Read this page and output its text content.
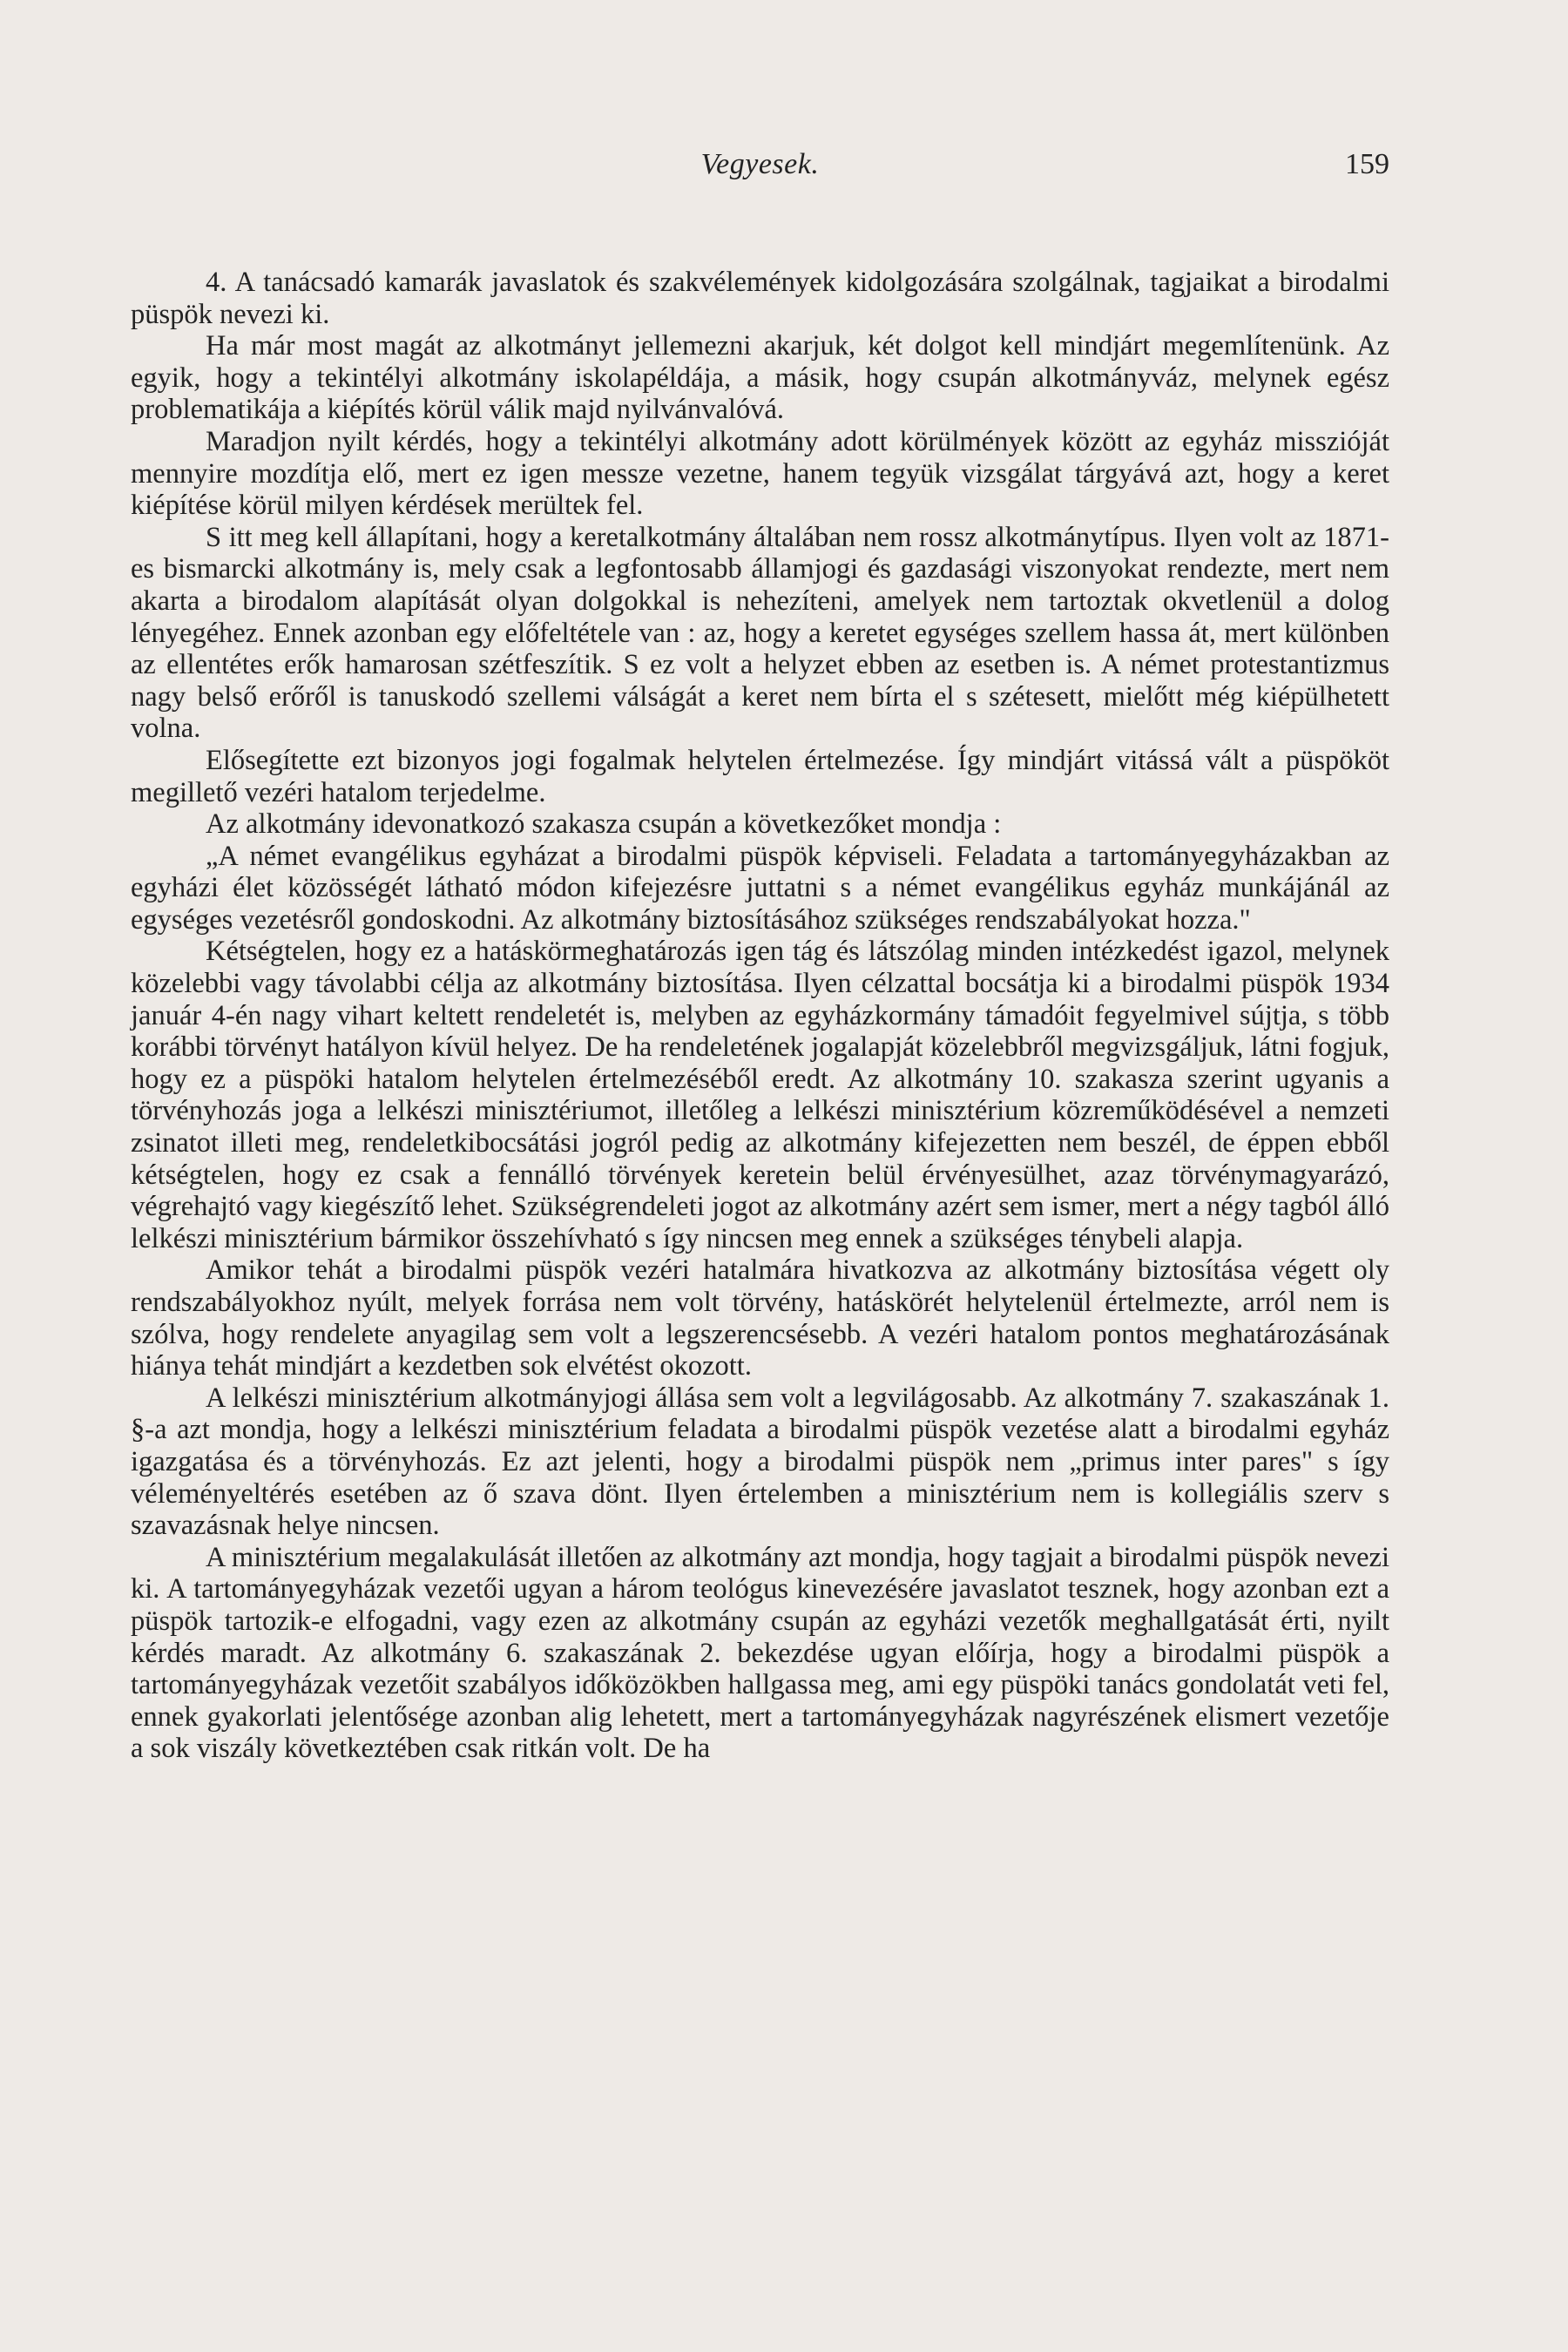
Vegyesek.	159

4. A tanácsadó kamarák javaslatok és szakvélemények kidolgozására szolgálnak, tagjaikat a birodalmi püspök nevezi ki.

Ha már most magát az alkotmányt jellemezni akarjuk, két dolgot kell mindjárt megemlítenünk. Az egyik, hogy a tekintélyi alkotmány iskolapéldája, a másik, hogy csupán alkotmányváz, melynek egész problematikája a kiépítés körül válik majd nyilvánvalóvá.

Maradjon nyilt kérdés, hogy a tekintélyi alkotmány adott körülmények között az egyház misszióját mennyire mozdítja elő, mert ez igen messze vezetne, hanem tegyük vizsgálat tárgyává azt, hogy a keret kiépítése körül milyen kérdések merültek fel.

S itt meg kell állapítani, hogy a keretalkotmány általában nem rossz alkotmánytípus. Ilyen volt az 1871-es bismarcki alkotmány is, mely csak a legfontosabb államjogi és gazdasági viszonyokat rendezte, mert nem akarta a birodalom alapítását olyan dolgokkal is nehezíteni, amelyek nem tartoztak okvetlenül a dolog lényegéhez. Ennek azonban egy előfeltétele van : az, hogy a keretet egységes szellem hassa át, mert különben az ellentétes erők hamarosan szétfeszítik. S ez volt a helyzet ebben az esetben is. A német protestantizmus nagy belső erőről is tanuskodó szellemi válságát a keret nem bírta el s szétesett, mielőtt még kiépülhetett volna.

Elősegítette ezt bizonyos jogi fogalmak helytelen értelmezése. Így mindjárt vitássá vált a püspököt megillető vezéri hatalom terjedelme.

Az alkotmány idevonatkozó szakasza csupán a következőket mondja :

„A német evangélikus egyházat a birodalmi püspök képviseli. Feladata a tartományegyházakban az egyházi élet közösségét látható módon kifejezésre juttatni s a német evangélikus egyház munkájánál az egységes vezetésről gondoskodni. Az alkotmány biztosításához szükséges rendszabályokat hozza."

Kétségtelen, hogy ez a hatáskörmeghatározás igen tág és látszólag minden intézkedést igazol, melynek közelebbi vagy távolabbi célja az alkotmány biztosítása. Ilyen célzattal bocsátja ki a birodalmi püspök 1934 január 4-én nagy vihart keltett rendeletét is, melyben az egyházkormány támadóit fegyelmivel sújtja, s több korábbi törvényt hatályon kívül helyez. De ha rendeletének jogalapját közelebbről megvizsgáljuk, látni fogjuk, hogy ez a püspöki hatalom helytelen értelmezéséből eredt. Az alkotmány 10. szakasza szerint ugyanis a törvényhozás joga a lelkészi minisztériumot, illetőleg a lelkészi minisztérium közreműködésével a nemzeti zsinatot illeti meg, rendeletkibocsátási jogról pedig az alkotmány kifejezetten nem beszél, de éppen ebből kétségtelen, hogy ez csak a fennálló törvények keretein belül érvényesülhet, azaz törvénymagyarázó, végrehajtó vagy kiegészítő lehet. Szükségrendeleti jogot az alkotmány azért sem ismer, mert a négy tagból álló lelkészi minisztérium bármikor összehívható s így nincsen meg ennek a szükséges ténybeli alapja.

Amikor tehát a birodalmi püspök vezéri hatalmára hivatkozva az alkotmány biztosítása végett oly rendszabályokhoz nyúlt, melyek forrása nem volt törvény, hatáskörét helytelenül értelmezte, arról nem is szólva, hogy rendelete anyagilag sem volt a legszerencsésebb. A vezéri hatalom pontos meghatározásának hiánya tehát mindjárt a kezdetben sok elvétést okozott.

A lelkészi minisztérium alkotmányjogi állása sem volt a legvilágosabb. Az alkotmány 7. szakaszának 1. §-a azt mondja, hogy a lelkészi minisztérium feladata a birodalmi püspök vezetése alatt a birodalmi egyház igazgatása és a törvényhozás. Ez azt jelenti, hogy a birodalmi püspök nem „primus inter pares" s így véleményeltérés esetében az ő szava dönt. Ilyen értelemben a minisztérium nem is kollegiális szerv s szavazásnak helye nincsen.

A minisztérium megalakulását illetően az alkotmány azt mondja, hogy tagjait a birodalmi püspök nevezi ki. A tartományegyházak vezetői ugyan a három teológus kinevezésére javaslatot tesznek, hogy azonban ezt a püspök tartozik-e elfogadni, vagy ezen az alkotmány csupán az egyházi vezetők meghallgatását érti, nyilt kérdés maradt. Az alkotmány 6. szakaszának 2. bekezdése ugyan előírja, hogy a birodalmi püspök a tartományegyházak vezetőit szabályos időközökben hallgassa meg, ami egy püspöki tanács gondolatát veti fel, ennek gyakorlati jelentősége azonban alig lehetett, mert a tartományegyházak nagyrészének elismert vezetője a sok viszály következtében csak ritkán volt. De ha
